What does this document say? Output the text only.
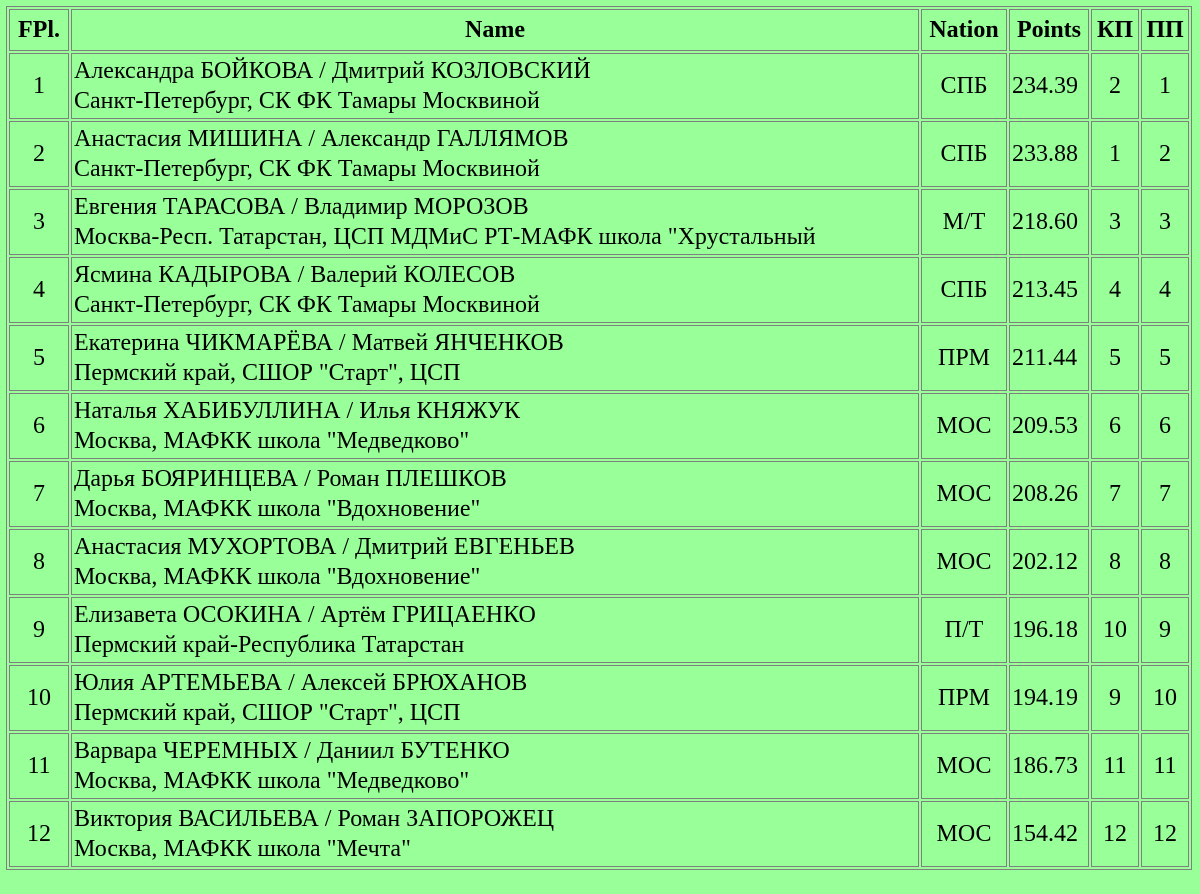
FPl.	Name	Nation	Points	КП	ПП
1	Александра БОЙКОВА / Дмитрий КОЗЛОВСКИЙ
Санкт-Петербург, СК ФК Тамары Москвиной	СПБ	234.39	2	1
2	Анастасия МИШИНА / Александр ГАЛЛЯМОВ
Санкт-Петербург, СК ФК Тамары Москвиной	СПБ	233.88	1	2
3	Евгения ТАРАСОВА / Владимир МОРОЗОВ
Москва-Респ. Татарстан, ЦСП МДМиС РТ-МАФК школа "Хрустальный	М/Т	218.60	3	3
4	Ясмина КАДЫРОВА / Валерий КОЛЕСОВ
Санкт-Петербург, СК ФК Тамары Москвиной	СПБ	213.45	4	4
5	Екатерина ЧИКМАРЁВА / Матвей ЯНЧЕНКОВ
Пермский край, СШОР "Старт", ЦСП	ПРМ	211.44	5	5
6	Наталья ХАБИБУЛЛИНА / Илья КНЯЖУК
Москва, МАФКК школа "Медведково"	МОС	209.53	6	6
7	Дарья БОЯРИНЦЕВА / Роман ПЛЕШКОВ
Москва, МАФКК школа "Вдохновение"	МОС	208.26	7	7
8	Анастасия МУХОРТОВА / Дмитрий ЕВГЕНЬЕВ
Москва, МАФКК школа "Вдохновение"	МОС	202.12	8	8
9	Елизавета ОСОКИНА / Артём ГРИЦАЕНКО
Пермский край-Республика Татарстан	П/Т	196.18	10	9
10	Юлия АРТЕМЬЕВА / Алексей БРЮХАНОВ
Пермский край, СШОР "Старт", ЦСП	ПРМ	194.19	9	10
11	Варвара ЧЕРЕМНЫХ / Даниил БУТЕНКО
Москва, МАФКК школа "Медведково"	МОС	186.73	11	11
12	Виктория ВАСИЛЬЕВА / Роман ЗАПОРОЖЕЦ
Москва, МАФКК школа "Мечта"	МОС	154.42	12	12
